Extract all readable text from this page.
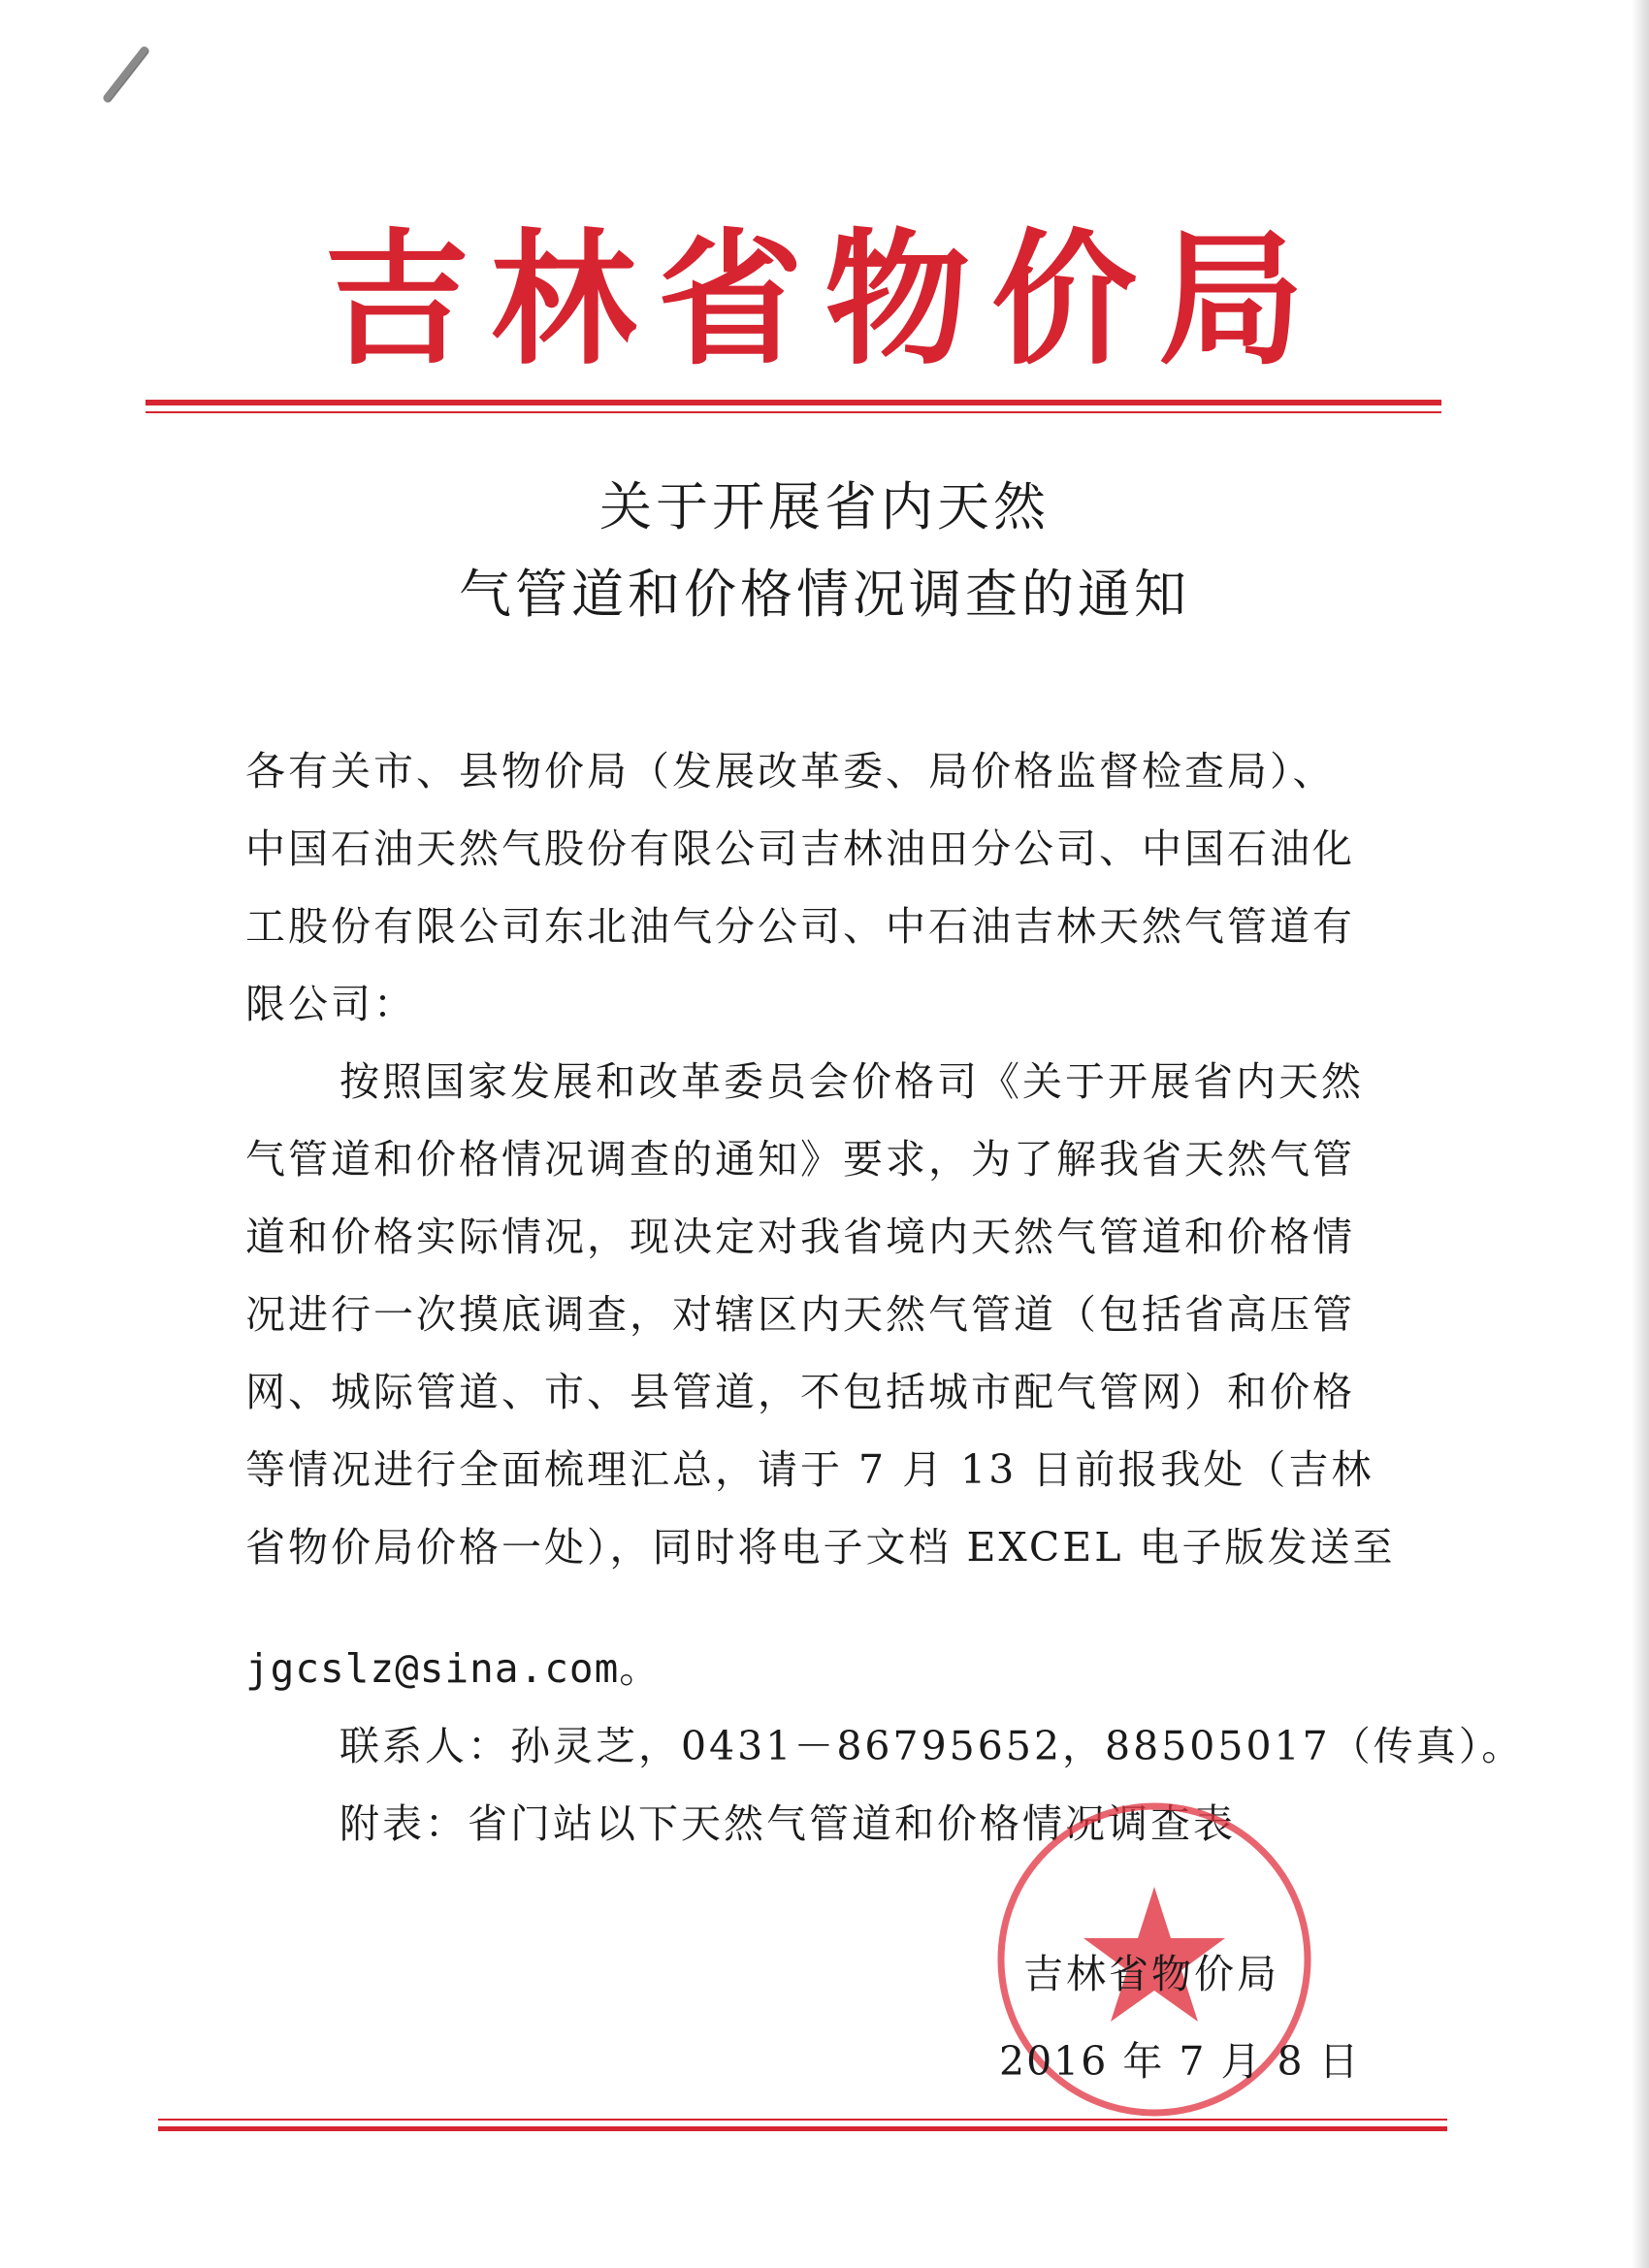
吉林省物价局
关于开展省内天然
气管道和价格情况调查的通知
各有关市、县物价局（发展改革委、局价格监督检查局）、
中国石油天然气股份有限公司吉林油田分公司、中国石油化
工股份有限公司东北油气分公司、中石油吉林天然气管道有
限公司：
按照国家发展和改革委员会价格司《关于开展省内天然
气管道和价格情况调查的通知》要求，为了解我省天然气管
道和价格实际情况，现决定对我省境内天然气管道和价格情
况进行一次摸底调查，对辖区内天然气管道（包括省高压管
网、城际管道、市、县管道，不包括城市配气管网）和价格
等情况进行全面梳理汇总，请于 7 月 13 日前报我处（吉林
省物价局价格一处），同时将电子文档 EXCEL 电子版发送至
jgcslz@sina.com。
联系人：孙灵芝，0431－86795652，88505017（传真）。
附表：省门站以下天然气管道和价格情况调查表
吉林省物价局
2016 年 7 月 8 日
